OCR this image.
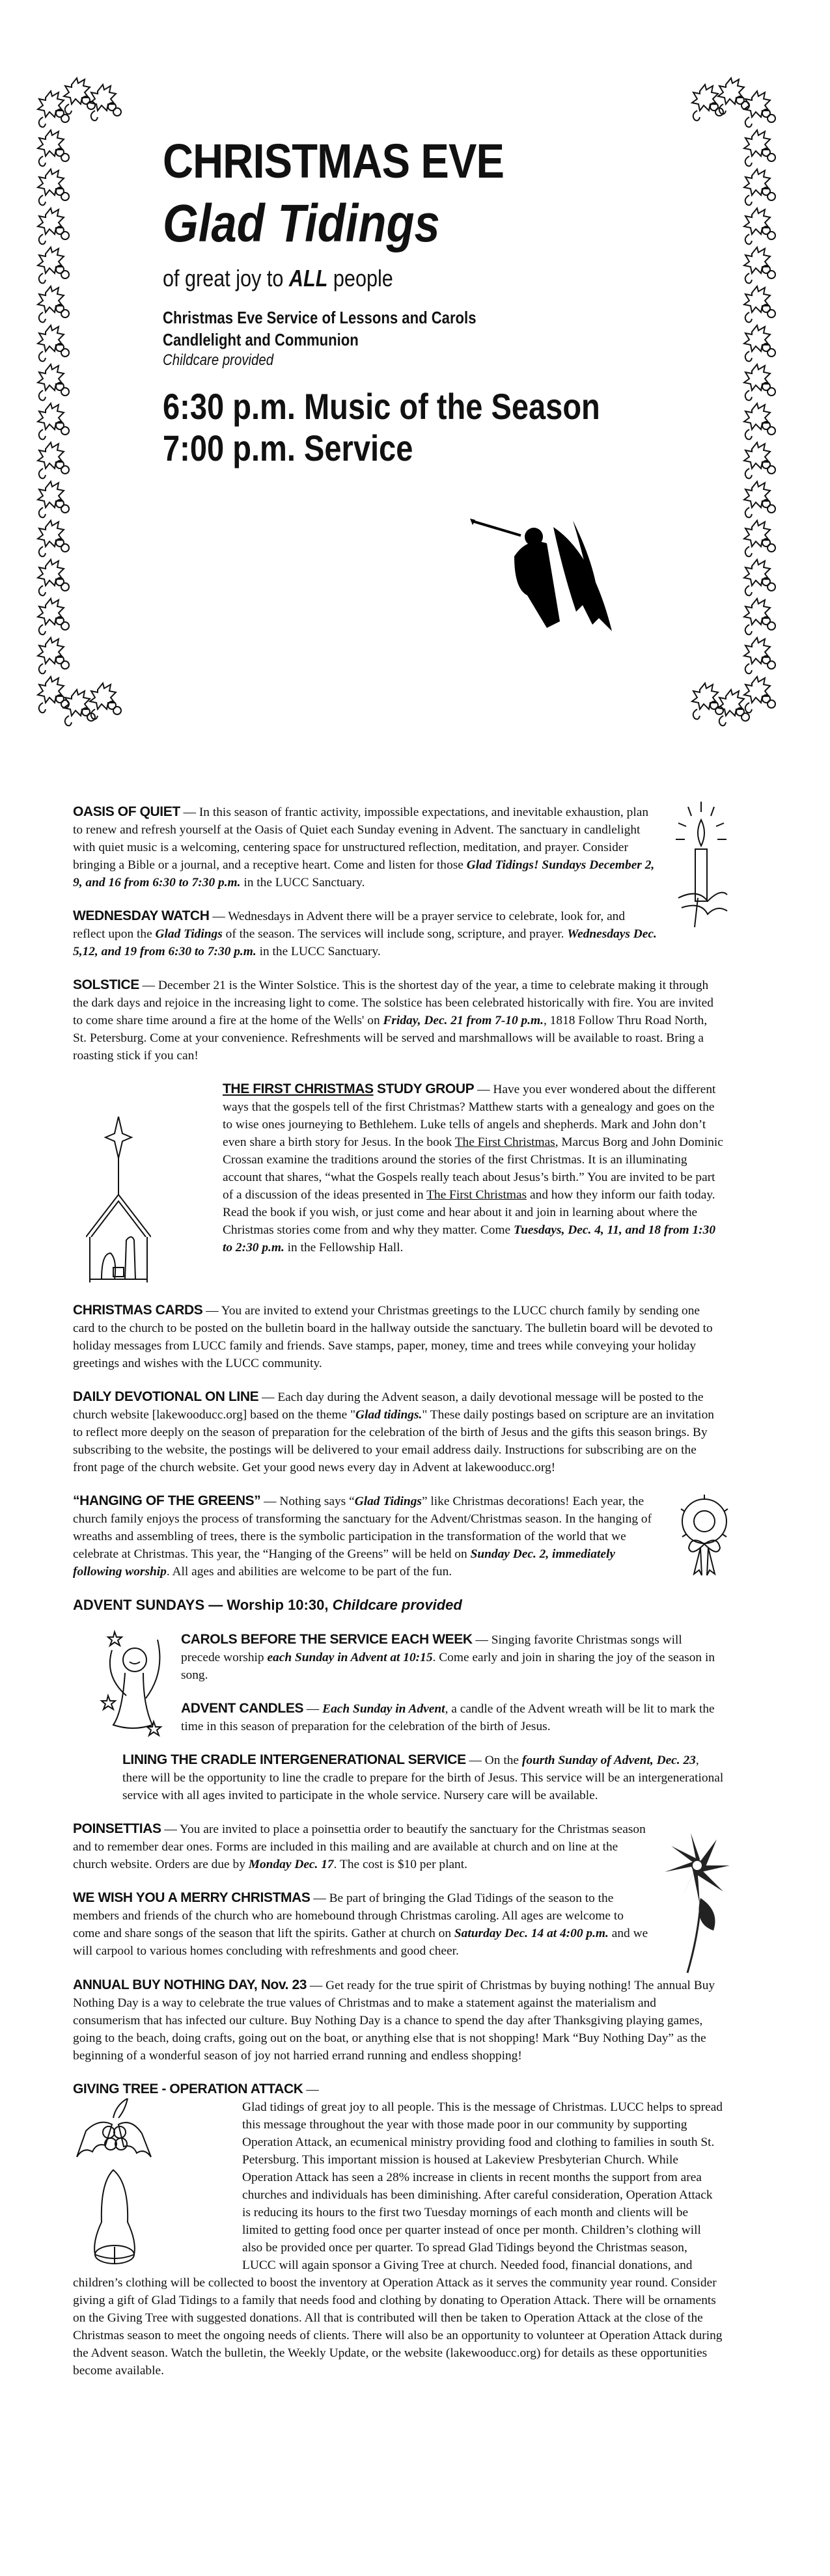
CHRISTMAS EVE
Glad Tidings
of great joy to ALL people
Christmas Eve Service of Lessons and Carols
Candlelight and Communion
Childcare provided
6:30 p.m. Music of the Season
7:00 p.m. Service

OASIS OF QUIET — In this season of frantic activity, impossible expectations, and inevitable exhaustion, plan to renew and refresh yourself at the Oasis of Quiet each Sunday evening in Advent. The sanctuary in candlelight with quiet music is a welcoming, centering space for unstructured reflection, meditation, and prayer. Consider bringing a Bible or a journal, and a receptive heart. Come and listen for those Glad Tidings! Sundays December 2, 9, and 16 from 6:30 to 7:30 p.m. in the LUCC Sanctuary.

WEDNESDAY WATCH — Wednesdays in Advent there will be a prayer service to celebrate, look for, and reflect upon the Glad Tidings of the season. The services will include song, scripture, and prayer. Wednesdays Dec. 5,12, and 19 from 6:30 to 7:30 p.m. in the LUCC Sanctuary.

SOLSTICE — December 21 is the Winter Solstice. This is the shortest day of the year, a time to celebrate making it through the dark days and rejoice in the increasing light to come. The solstice has been celebrated historically with fire. You are invited to come share time around a fire at the home of the Wells' on Friday, Dec. 21 from 7-10 p.m., 1818 Follow Thru Road North, St. Petersburg. Come at your convenience. Refreshments will be served and marshmallows will be available to roast. Bring a roasting stick if you can!

THE FIRST CHRISTMAS STUDY GROUP — Have you ever wondered about the different ways that the gospels tell of the first Christmas? Matthew starts with a genealogy and goes on the to wise ones journeying to Bethlehem. Luke tells of angels and shepherds. Mark and John don’t even share a birth story for Jesus. In the book The First Christmas, Marcus Borg and John Dominic Crossan examine the traditions around the stories of the first Christmas. It is an illuminating account that shares, “what the Gospels really teach about Jesus’s birth.” You are invited to be part of a discussion of the ideas presented in The First Christmas and how they inform our faith today. Read the book if you wish, or just come and hear about it and join in learning about where the Christmas stories come from and why they matter. Come Tuesdays, Dec. 4, 11, and 18 from 1:30 to 2:30 p.m. in the Fellowship Hall.

CHRISTMAS CARDS — You are invited to extend your Christmas greetings to the LUCC church family by sending one card to the church to be posted on the bulletin board in the hallway outside the sanctuary. The bulletin board will be devoted to holiday messages from LUCC family and friends. Save stamps, paper, money, time and trees while conveying your holiday greetings and wishes with the LUCC community.

DAILY DEVOTIONAL ON LINE — Each day during the Advent season, a daily devotional message will be posted to the church website [lakewooducc.org] based on the theme "Glad tidings." These daily postings based on scripture are an invitation to reflect more deeply on the season of preparation for the celebration of the birth of Jesus and the gifts this season brings. By subscribing to the website, the postings will be delivered to your email address daily. Instructions for subscribing are on the front page of the church website. Get your good news every day in Advent at lakewooducc.org!

“HANGING OF THE GREENS” — Nothing says “Glad Tidings” like Christmas decorations! Each year, the church family enjoys the process of transforming the sanctuary for the Advent/Christmas season. In the hanging of wreaths and assembling of trees, there is the symbolic participation in the transformation of the world that we celebrate at Christmas. This year, the “Hanging of the Greens” will be held on Sunday Dec. 2, immediately following worship. All ages and abilities are welcome to be part of the fun.

ADVENT SUNDAYS — Worship 10:30, Childcare provided
CAROLS BEFORE THE SERVICE EACH WEEK — Singing favorite Christmas songs will precede worship each Sunday in Advent at 10:15. Come early and join in sharing the joy of the season in song.
ADVENT CANDLES — Each Sunday in Advent, a candle of the Advent wreath will be lit to mark the time in this season of preparation for the celebration of the birth of Jesus.
LINING THE CRADLE INTERGENERATIONAL SERVICE — On the fourth Sunday of Advent, Dec. 23, there will be the opportunity to line the cradle to prepare for the birth of Jesus. This service will be an intergenerational service with all ages invited to participate in the whole service. Nursery care will be available.

POINSETTIAS — You are invited to place a poinsettia order to beautify the sanctuary for the Christmas season and to remember dear ones. Forms are included in this mailing and are available at church and on line at the church website. Orders are due by Monday Dec. 17. The cost is $10 per plant.

WE WISH YOU A MERRY CHRISTMAS — Be part of bringing the Glad Tidings of the season to the members and friends of the church who are homebound through Christmas caroling. All ages are welcome to come and share songs of the season that lift the spirits. Gather at church on Saturday Dec. 14 at 4:00 p.m. and we will carpool to various homes concluding with refreshments and good cheer.

ANNUAL BUY NOTHING DAY, Nov. 23 — Get ready for the true spirit of Christmas by buying nothing! The annual Buy Nothing Day is a way to celebrate the true values of Christmas and to make a statement against the materialism and consumerism that has infected our culture. Buy Nothing Day is a chance to spend the day after Thanksgiving playing games, going to the beach, doing crafts, going out on the boat, or anything else that is not shopping! Mark “Buy Nothing Day” as the beginning of a wonderful season of joy not harried errand running and endless shopping!

GIVING TREE - OPERATION ATTACK —

Glad tidings of great joy to all people. This is the message of Christmas. LUCC helps to spread this message throughout the year with those made poor in our community by supporting Operation Attack, an ecumenical ministry providing food and clothing to families in south St. Petersburg. This important mission is housed at Lakeview Presbyterian Church. While Operation Attack has seen a 28% increase in clients in recent months the support from area churches and individuals has been diminishing. After careful consideration, Operation Attack is reducing its hours to the first two Tuesday mornings of each month and clients will be limited to getting food once per quarter instead of once per month. Children’s clothing will also be provided once per quarter. To spread Glad Tidings beyond the Christmas season, LUCC will again sponsor a Giving Tree at church. Needed food, financial donations, and children’s clothing will be collected to boost the inventory at Operation Attack as it serves the community year round. Consider giving a gift of Glad Tidings to a family that needs food and clothing by donating to Operation Attack. There will be ornaments on the Giving Tree with suggested donations. All that is contributed will then be taken to Operation Attack at the close of the Christmas season to meet the ongoing needs of clients. There will also be an opportunity to volunteer at Operation Attack during the Advent season. Watch the bulletin, the Weekly Update, or the website (lakewooducc.org) for details as these opportunities become available.
